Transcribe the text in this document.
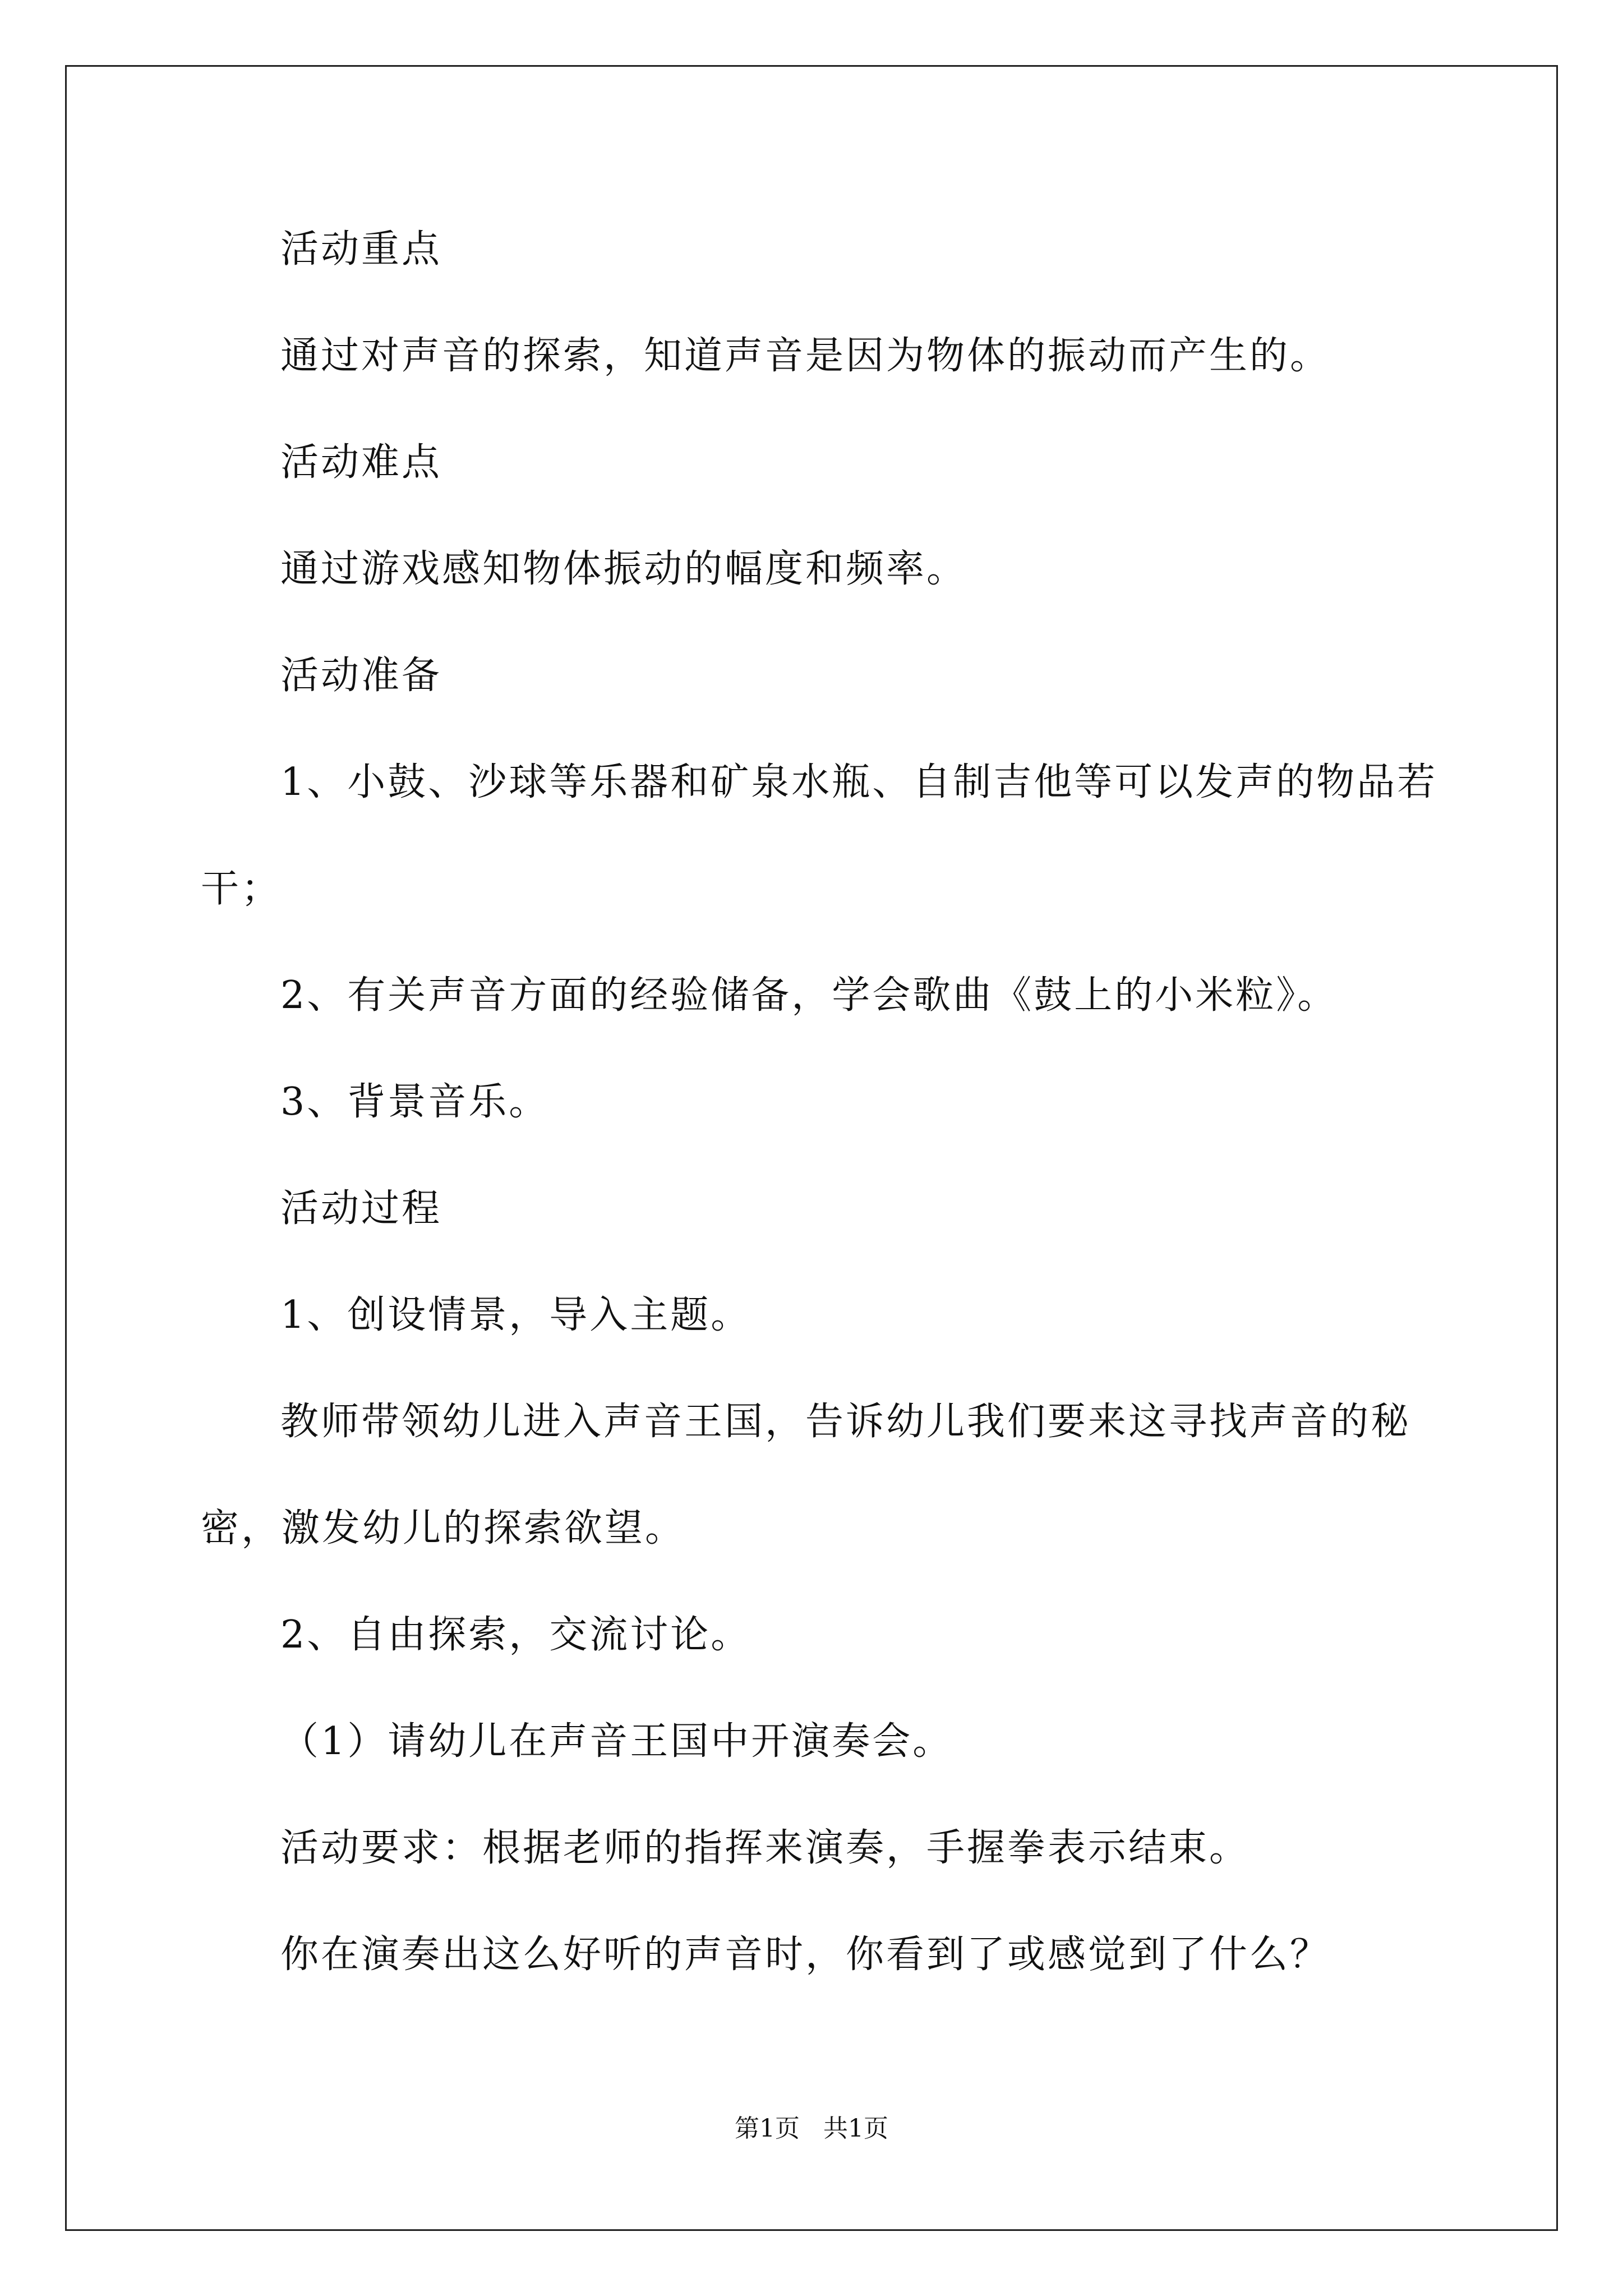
活动重点
通过对声音的探索，知道声音是因为物体的振动而产生的。
活动难点
通过游戏感知物体振动的幅度和频率。
活动准备
1、小鼓、沙球等乐器和矿泉水瓶、自制吉他等可以发声的物品若
干；
2、有关声音方面的经验储备，学会歌曲《鼓上的小米粒》。
3、背景音乐。
活动过程
1、创设情景，导入主题。
教师带领幼儿进入声音王国，告诉幼儿我们要来这寻找声音的秘
密，激发幼儿的探索欲望。
2、自由探索，交流讨论。
（1）请幼儿在声音王国中开演奏会。
活动要求：根据老师的指挥来演奏，手握拳表示结束。
你在演奏出这么好听的声音时，你看到了或感觉到了什么？
第1页   共1页
